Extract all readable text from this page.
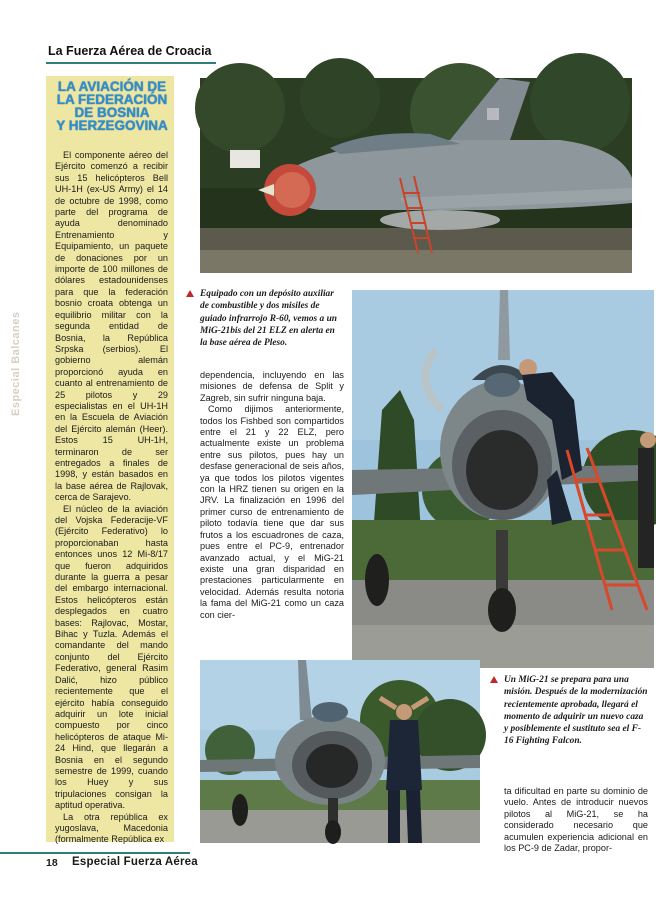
La Fuerza Aérea de Croacia
Especial Balcanes
LA AVIACIÓN DE
LA FEDERACIÓN
DE BOSNIA
Y HERZEGOVINA

El componente aéreo del Ejército comenzó a recibir sus 15 helicópteros Bell UH-1H (ex-US Army) el 14 de octubre de 1998, como parte del programa de ayuda denominado Entrenamiento y Equipamiento, un paquete de donaciones por un importe de 100 millones de dólares estadounidenses para que la federación bosnio croata obtenga un equilibrio militar con la segunda entidad de Bosnia, la República Srpska (serbios). El gobierno alemán proporcionó ayuda en cuanto al entrenamiento de 25 pilotos y 29 especialistas en el UH-1H en la Escuela de Aviación del Ejército alemán (Heer). Estos 15 UH-1H, terminaron de ser entregados a finales de 1998, y están basados en la base aérea de Rajlovak, cerca de Sarajevo.

El núcleo de la aviación del Vojska Federacije-VF (Ejército Federativo) lo proporcionaban hasta entonces unos 12 Mi-8/17 que fueron adquiridos durante la guerra a pesar del embargo internacional. Estos helicópteros están desplegados en cuatro bases: Rajlovac, Mostar, Bihac y Tuzla. Además el comandante del mando conjunto del Ejército Federativo, general Rasim Dalić, hizo público recientemente que el ejército había conseguido adquirir un lote inicial compuesto por cinco helicópteros de ataque Mi-24 Hind, que llegarán a Bosnia en el segundo semestre de 1999, cuando los Huey y sus tripulaciones consigan la aptitud operativa.

La otra república ex yugoslava, Macedonia (formalmente República ex

Equipado con un depósito auxiliar de combustible y dos misiles de guiado infrarrojo R-60, vemos a un MiG-21bis del 21 ELZ en alerta en la base aérea de Pleso.

dependencia, incluyendo en las misiones de defensa de Split y Zagreb, sin sufrir ninguna baja.

Como dijimos anteriormente, todos los Fishbed son compartidos entre el 21 y 22 ELZ, pero actualmente existe un problema entre sus pilotos, pues hay un desfase generacional de seis años, ya que todos los pilotos vigentes con la HRZ tienen su origen en la JRV. La finalización en 1996 del primer curso de entrenamiento de piloto todavía tiene que dar sus frutos a los escuadrones de caza, pues entre el PC-9, entrenador avanzado actual, y el MiG-21 existe una gran disparidad en prestaciones particularmente en velocidad. Además resulta notoria la fama del MiG-21 como un caza con cier-

Un MiG-21 se prepara para una misión. Después de la modernización recientemente aprobada, llegará el momento de adquirir un nuevo caza y posiblemente el sustituto sea el F-16 Fighting Falcon.

ta dificultad en parte su dominio de vuelo. Antes de introducir nuevos pilotos al MiG-21, se ha considerado necesario que acumulen experiencia adicional en los PC-9 de Zadar, propor-

18 Especial Fuerza Aérea
